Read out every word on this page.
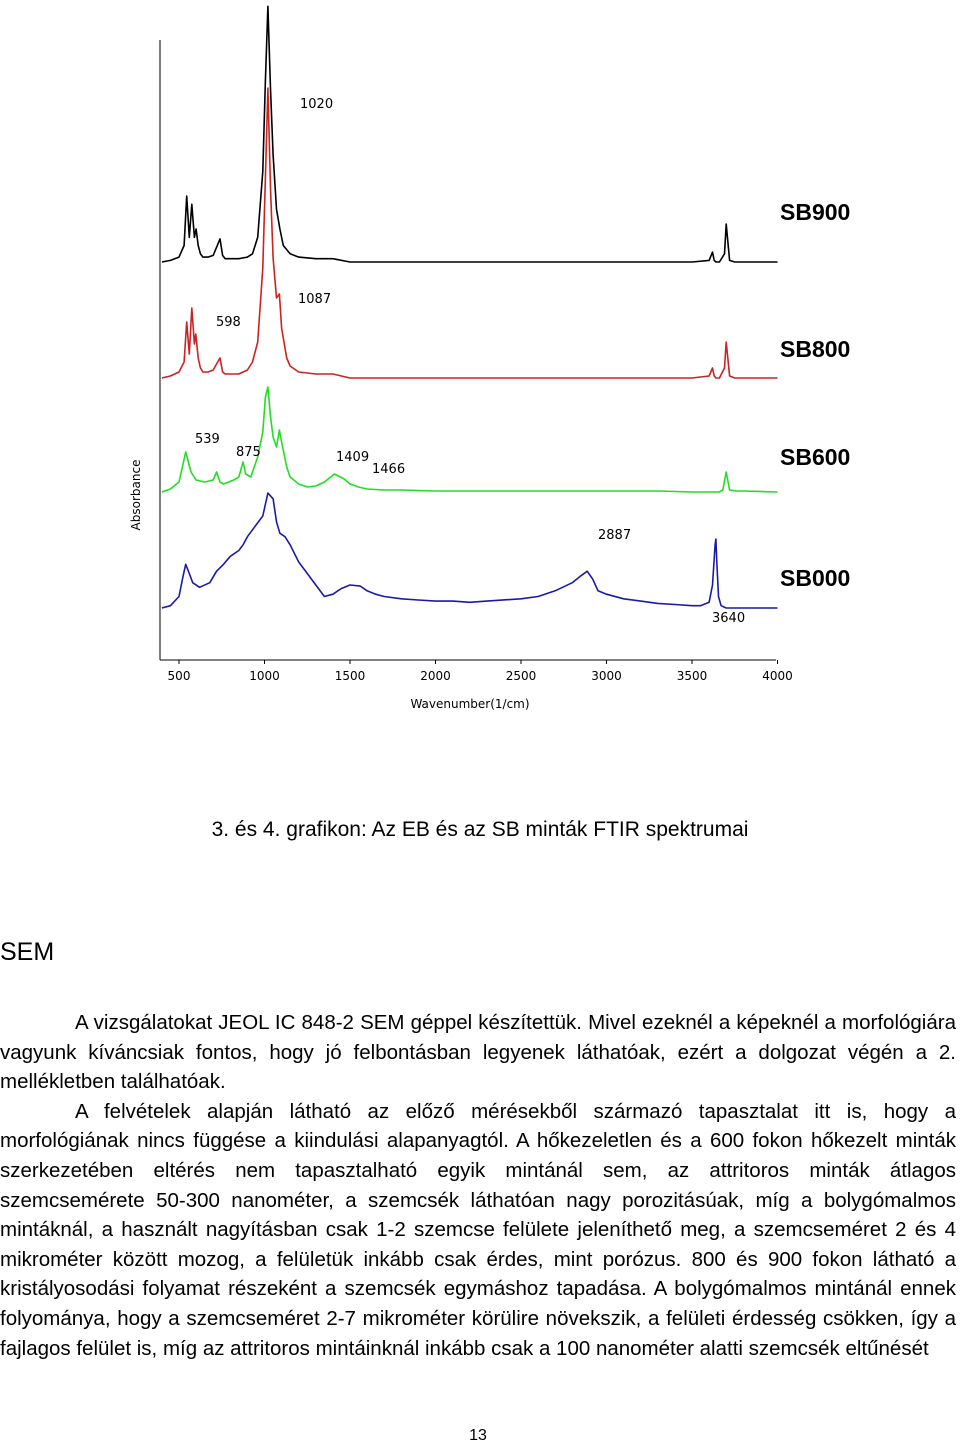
Wavenumber(1/cm)
Absorbance
500	1000	1500	2000	2500	3000	3500	4000
1020
598
1087
539
875	1409
1466
2887
3640
SB900
SB800
SB600
SB000
3. és 4. grafikon: Az EB és az SB minták FTIR spektrumai
SEM

A vizsgálatokat JEOL IC 848-2 SEM géppel készítettük. Mivel ezeknél a képeknél a morfológiára vagyunk kíváncsiak fontos, hogy jó felbontásban legyenek láthatóak, ezért a dolgozat végén a 2. mellékletben találhatóak.

A felvételek alapján látható az előző mérésekből származó tapasztalat itt is, hogy a morfológiának nincs függése a kiindulási alapanyagtól. A hőkezeletlen és a 600 fokon hőkezelt minták szerkezetében eltérés nem tapasztalható egyik mintánál sem, az attritoros minták átlagos szemcsemérete 50-300 nanométer, a szemcsék láthatóan nagy porozitásúak, míg a bolygómalmos mintáknál, a használt nagyításban csak 1-2 szemcse felülete jeleníthető meg, a szemcseméret 2 és 4 mikrométer között mozog, a felületük inkább csak érdes, mint porózus. 800 és 900 fokon látható a kristályosodási folyamat részeként a szemcsék egymáshoz tapadása. A bolygómalmos mintánál ennek folyománya, hogy a szemcseméret 2-7 mikrométer körülire növekszik, a felületi érdesség csökken, így a fajlagos felület is, míg az attritoros mintáinknál inkább csak a 100 nanométer alatti szemcsék eltűnését

13
